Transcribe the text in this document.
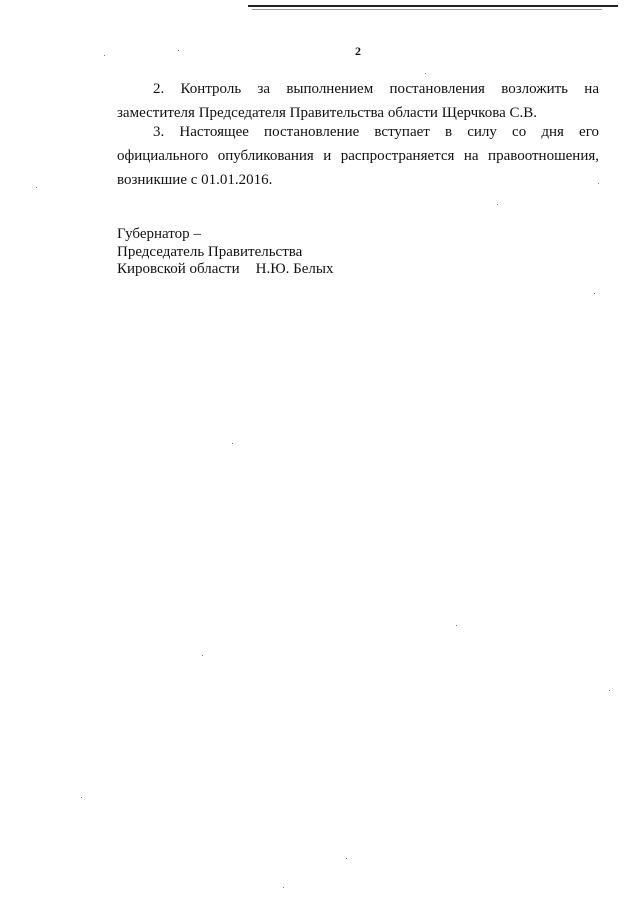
2

2. Контроль за выполнением постановления возложить на заместителя Председателя Правительства области Щерчкова С.В.

3. Настоящее постановление вступает в силу со дня его официального опубликования и распространяется на правоотношения, возникшие с 01.01.2016.

Губернатор –
Председатель Правительства
Кировской области Н.Ю. Белых
